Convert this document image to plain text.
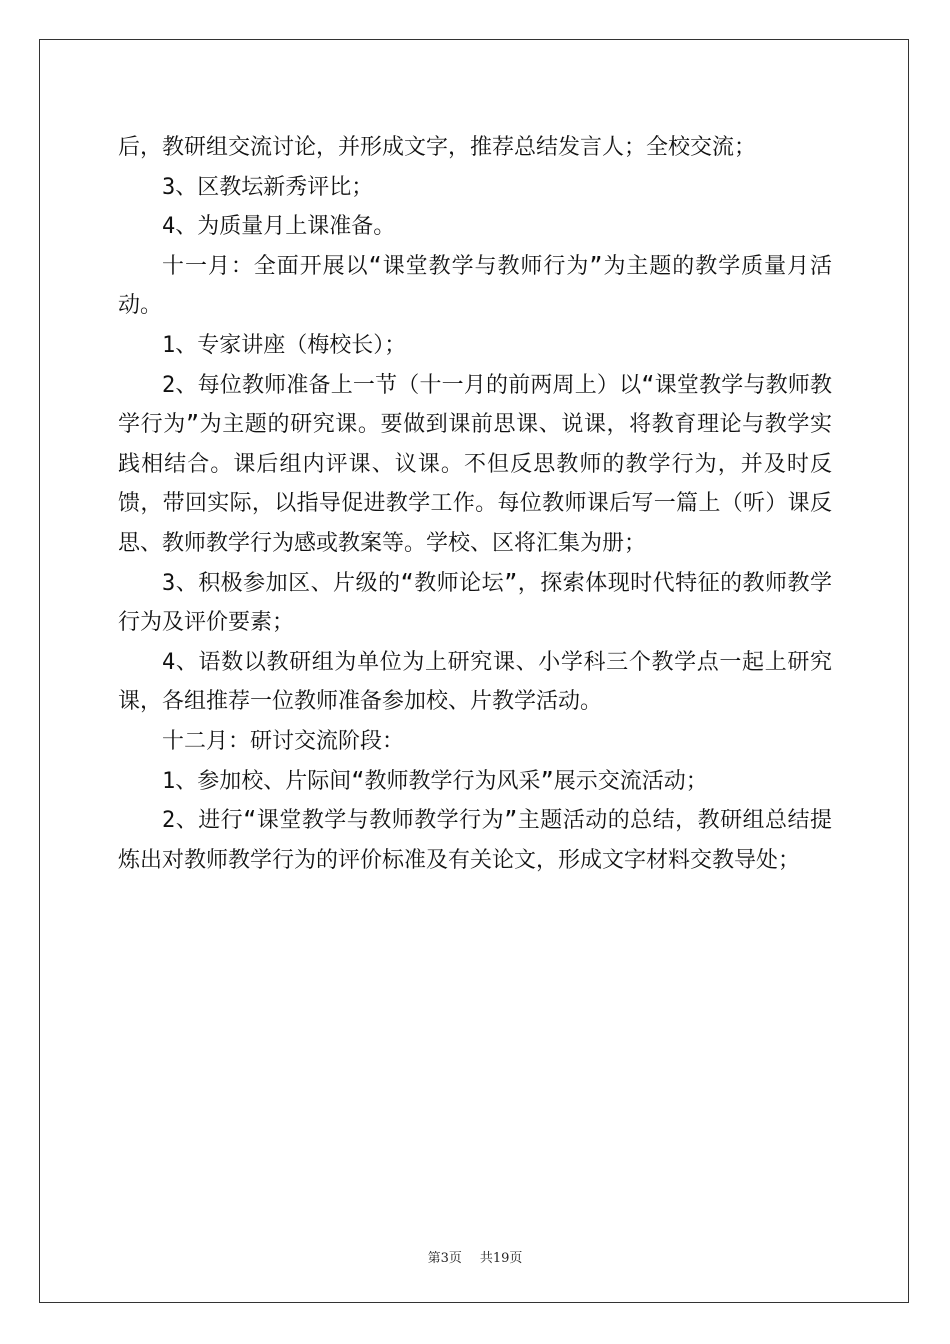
后，教研组交流讨论，并形成文字，推荐总结发言人；全校交流；

3、区教坛新秀评比；

4、为质量月上课准备。

十一月：全面开展以“课堂教学与教师行为”为主题的教学质量月活动。

1、专家讲座（梅校长）；

2、每位教师准备上一节（十一月的前两周上）以“课堂教学与教师教学行为”为主题的研究课。要做到课前思课、说课，将教育理论与教学实践相结合。课后组内评课、议课。不但反思教师的教学行为，并及时反馈，带回实际，以指导促进教学工作。每位教师课后写一篇上（听）课反思、教师教学行为感或教案等。学校、区将汇集为册；

3、积极参加区、片级的“教师论坛”，探索体现时代特征的教师教学行为及评价要素；

4、语数以教研组为单位为上研究课、小学科三个教学点一起上研究课，各组推荐一位教师准备参加校、片教学活动。

十二月：研讨交流阶段：

1、参加校、片际间“教师教学行为风采”展示交流活动；

2、进行“课堂教学与教师教学行为”主题活动的总结，教研组总结提炼出对教师教学行为的评价标准及有关论文，形成文字材料交教导处；

第3页 共19页
